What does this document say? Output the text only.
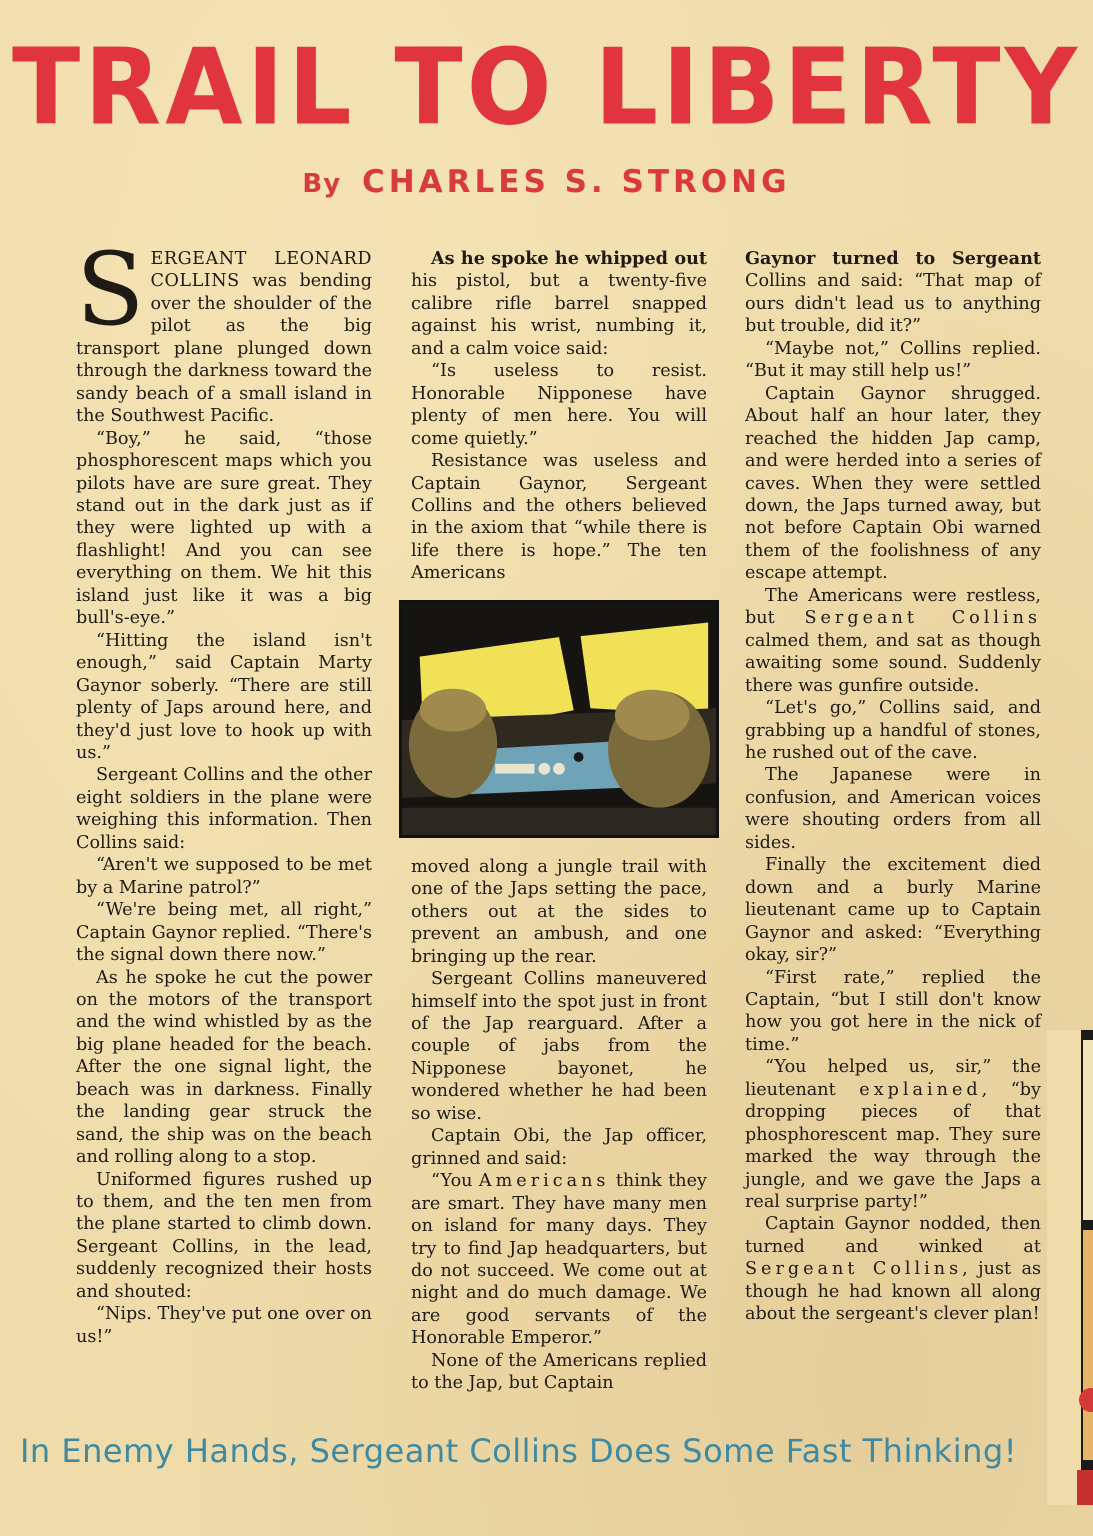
TRAIL TO LIBERTY
By CHARLES S. STRONG

SERGEANT LEONARD COLLINS was bending over the shoulder of the pilot as the big transport plane plunged down through the darkness toward the sandy beach of a small island in the Southwest Pacific.

“Boy,” he said, “those phosphorescent maps which you pilots have are sure great. They stand out in the dark just as if they were lighted up with a flashlight! And you can see everything on them. We hit this island just like it was a big bull's-eye.”

“Hitting the island isn't enough,” said Captain Marty Gaynor soberly. “There are still plenty of Japs around here, and they'd just love to hook up with us.”

Sergeant Collins and the other eight soldiers in the plane were weighing this information. Then Collins said:

“Aren't we supposed to be met by a Marine patrol?”

“We're being met, all right,” Captain Gaynor replied. “There's the signal down there now.”

As he spoke he cut the power on the motors of the transport and the wind whistled by as the big plane headed for the beach. After the one signal light, the beach was in darkness. Finally the landing gear struck the sand, the ship was on the beach and rolling along to a stop.

Uniformed figures rushed up to them, and the ten men from the plane started to climb down. Sergeant Collins, in the lead, suddenly recognized their hosts and shouted:

“Nips. They've put one over on us!”

As he spoke he whipped out his pistol, but a twenty-five calibre rifle barrel snapped against his wrist, numbing it, and a calm voice said:

“Is useless to resist. Honorable Nipponese have plenty of men here. You will come quietly.”

Resistance was useless and Captain Gaynor, Sergeant Collins and the others believed in the axiom that “while there is life there is hope.” The ten Americans

moved along a jungle trail with one of the Japs setting the pace, others out at the sides to prevent an ambush, and one bringing up the rear.

Sergeant Collins maneuvered himself into the spot just in front of the Jap rearguard. After a couple of jabs from the Nipponese bayonet, he wondered whether he had been so wise.

Captain Obi, the Jap officer, grinned and said:

“You Americans think they are smart. They have many men on island for many days. They try to find Jap headquarters, but do not succeed. We come out at night and do much damage. We are good servants of the Honorable Emperor.”

None of the Americans replied to the Jap, but Captain

Gaynor turned to Sergeant Collins and said: “That map of ours didn't lead us to anything but trouble, did it?”

“Maybe not,” Collins replied. “But it may still help us!”

Captain Gaynor shrugged. About half an hour later, they reached the hidden Jap camp, and were herded into a series of caves. When they were settled down, the Japs turned away, but not before Captain Obi warned them of the foolishness of any escape attempt.

The Americans were restless, but Sergeant Collins calmed them, and sat as though awaiting some sound. Suddenly there was gunfire outside.

“Let's go,” Collins said, and grabbing up a handful of stones, he rushed out of the cave.

The Japanese were in confusion, and American voices were shouting orders from all sides.

Finally the excitement died down and a burly Marine lieutenant came up to Captain Gaynor and asked: “Everything okay, sir?”

“First rate,” replied the Captain, “but I still don't know how you got here in the nick of time.”

“You helped us, sir,” the lieutenant explained, “by dropping pieces of that phosphorescent map. They sure marked the way through the jungle, and we gave the Japs a real surprise party!”

Captain Gaynor nodded, then turned and winked at Sergeant Collins, just as though he had known all along about the sergeant's clever plan!

In Enemy Hands, Sergeant Collins Does Some Fast Thinking!
